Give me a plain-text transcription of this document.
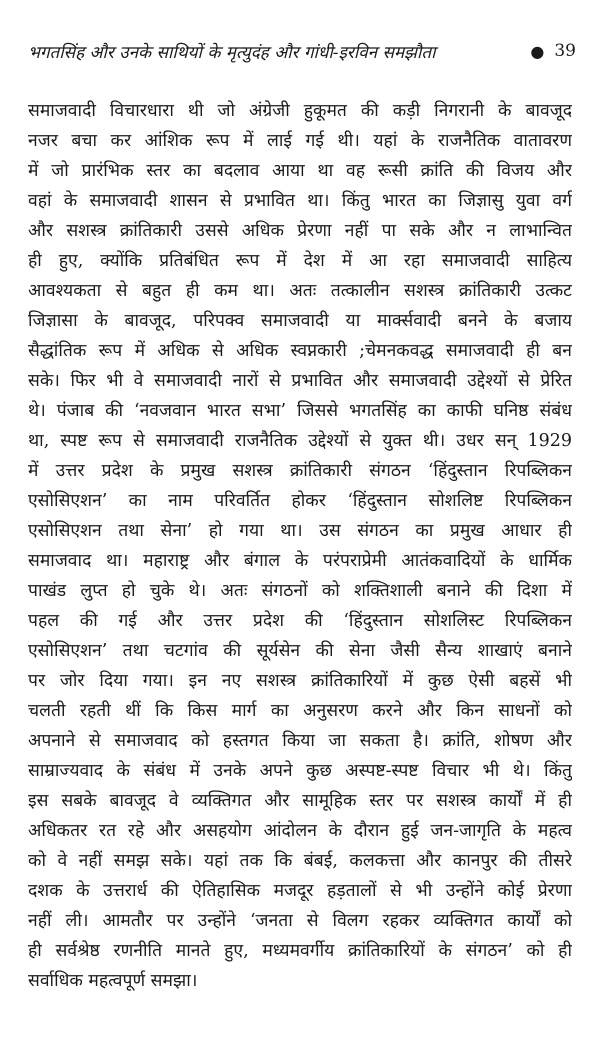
भगतसिंह और उनके साथियों के मृत्युदंह और गांधी-इरविन समझौता	● 39
समाजवादी विचारधारा थी जो अंग्रेजी हुकूमत की कड़ी निगरानी के बावजूद
नजर बचा कर आंशिक रूप में लाई गई थी। यहां के राजनैतिक वातावरण
में जो प्रारंभिक स्तर का बदलाव आया था वह रूसी क्रांति की विजय और
वहां के समाजवादी शासन से प्रभावित था। किंतु भारत का जिज्ञासु युवा वर्ग
और सशस्त्र क्रांतिकारी उससे अधिक प्रेरणा नहीं पा सके और न लाभान्वित
ही हुए, क्योंकि प्रतिबंधित रूप में देश में आ रहा समाजवादी साहित्य
आवश्यकता से बहुत ही कम था। अतः तत्कालीन सशस्त्र क्रांतिकारी उत्कट
जिज्ञासा के बावजूद, परिपक्व समाजवादी या मार्क्सवादी बनने के बजाय
सैद्धांतिक रूप में अधिक से अधिक स्वप्नकारी ;चेमनकवद्ध समाजवादी ही बन
सके। फिर भी वे समाजवादी नारों से प्रभावित और समाजवादी उद्देश्यों से प्रेरित
थे। पंजाब की ‘नवजवान भारत सभा’ जिससे भगतसिंह का काफी घनिष्ठ संबंध
था, स्पष्ट रूप से समाजवादी राजनैतिक उद्देश्यों से युक्त थी। उधर सन् 1929
में उत्तर प्रदेश के प्रमुख सशस्त्र क्रांतिकारी संगठन ‘हिंदुस्तान रिपब्लिकन
एसोसिएशन’ का नाम परिवर्तित होकर ‘हिंदुस्तान सोशलिष्ट रिपब्लिकन
एसोसिएशन तथा सेना’ हो गया था। उस संगठन का प्रमुख आधार ही
समाजवाद था। महाराष्ट्र और बंगाल के परंपराप्रेमी आतंकवादियों के धार्मिक
पाखंड लुप्त हो चुके थे। अतः संगठनों को शक्तिशाली बनाने की दिशा में
पहल की गई और उत्तर प्रदेश की ‘हिंदुस्तान सोशलिस्ट रिपब्लिकन
एसोसिएशन’ तथा चटगांव की सूर्यसेन की सेना जैसी सैन्य शाखाएं बनाने
पर जोर दिया गया। इन नए सशस्त्र क्रांतिकारियों में कुछ ऐसी बहसें भी
चलती रहती थीं कि किस मार्ग का अनुसरण करने और किन साधनों को
अपनाने से समाजवाद को हस्तगत किया जा सकता है। क्रांति, शोषण और
साम्राज्यवाद के संबंध में उनके अपने कुछ अस्पष्ट-स्पष्ट विचार भी थे। किंतु
इस सबके बावजूद वे व्यक्तिगत और सामूहिक स्तर पर सशस्त्र कार्यों में ही
अधिकतर रत रहे और असहयोग आंदोलन के दौरान हुई जन-जागृति के महत्व
को वे नहीं समझ सके। यहां तक कि बंबई, कलकत्ता और कानपुर की तीसरे
दशक के उत्तरार्ध की ऐतिहासिक मजदूर हड़तालों से भी उन्होंने कोई प्रेरणा
नहीं ली। आमतौर पर उन्होंने ‘जनता से विलग रहकर व्यक्तिगत कार्यों को
ही सर्वश्रेष्ठ रणनीति मानते हुए, मध्यमवर्गीय क्रांतिकारियों के संगठन’ को ही
सर्वाधिक महत्वपूर्ण समझा।
